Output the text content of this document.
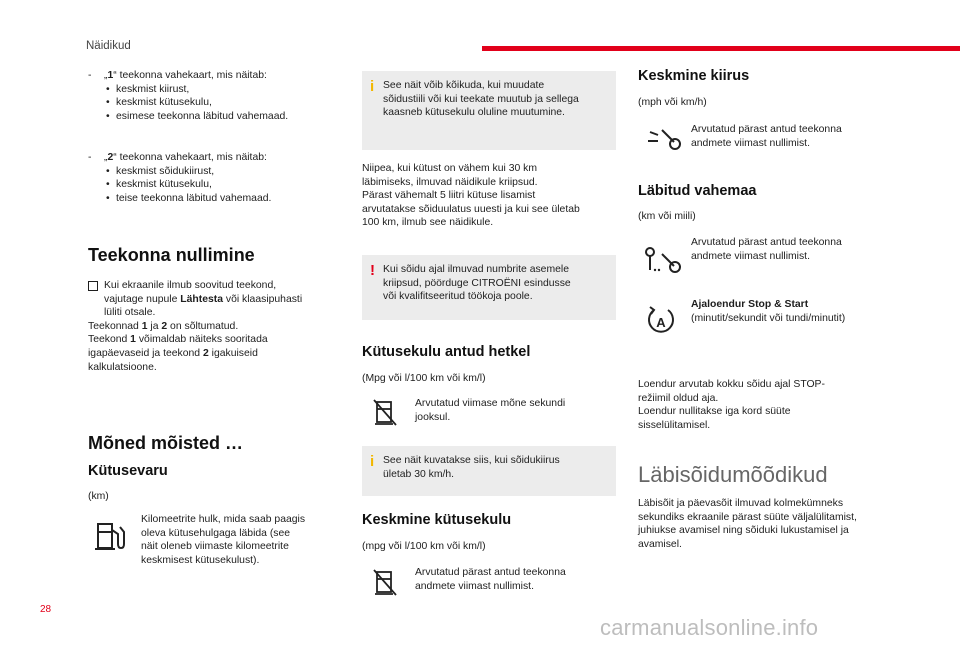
Näidikud
- „1“ teekonna vahekaart, mis näitab:
• keskmist kiirust,
• keskmist kütusekulu,
• esimese teekonna läbitud vahemaad.
- „2“ teekonna vahekaart, mis näitab:
• keskmist sõidukiirust,
• keskmist kütusekulu,
• teise teekonna läbitud vahemaad.
Teekonna nullimine
Kui ekraanile ilmub soovitud teekond,
vajutage nupule Lähtesta või klaasipuhasti
lüliti otsale.
Teekonnad 1 ja 2 on sõltumatud.
Teekond 1 võimaldab näiteks sooritada
igapäevaseid ja teekond 2 igakuiseid
kalkulatsioone.
Mõned mõisted …
Kütusevaru
(km)
Kilomeetrite hulk, mida saab paagis
oleva kütusehulgaga läbida (see
näit oleneb viimaste kilomeetrite
keskmisest kütusekulust).
i See näit võib kõikuda, kui muudate
sõidustiili või kui teekate muutub ja sellega
kaasneb kütusekulu oluline muutumine.
Niipea, kui kütust on vähem kui 30 km
läbimiseks, ilmuvad näidikule kriipsud.
Pärast vähemalt 5 liitri kütuse lisamist
arvutatakse sõiduulatus uuesti ja kui see ületab
100 km, ilmub see näidikule.
! Kui sõidu ajal ilmuvad numbrite asemele
kriipsud, pöörduge CITROËNI esindusse
või kvalifitseeritud töökoja poole.
Kütusekulu antud hetkel
(Mpg või l/100 km või km/l)
Arvutatud viimase mõne sekundi
jooksul.
i See näit kuvatakse siis, kui sõidukiirus
ületab 30 km/h.
Keskmine kütusekulu
(mpg või l/100 km või km/l)
Arvutatud pärast antud teekonna
andmete viimast nullimist.
Keskmine kiirus
(mph või km/h)
Arvutatud pärast antud teekonna
andmete viimast nullimist.
Läbitud vahemaa
(km või miili)
Arvutatud pärast antud teekonna
andmete viimast nullimist.
A
Ajaloendur Stop & Start
(minutit/sekundit või tundi/minutit)
Loendur arvutab kokku sõidu ajal STOP-
režiimil oldud aja.
Loendur nullitakse iga kord süüte
sisselülitamisel.
Läbisõidumõõdikud
Läbisõit ja päevasõit ilmuvad kolmekümneks
sekundiks ekraanile pärast süüte väljalülitamist,
juhiukse avamisel ning sõiduki lukustamisel ja
avamisel.
28
carmanualsonline.info
